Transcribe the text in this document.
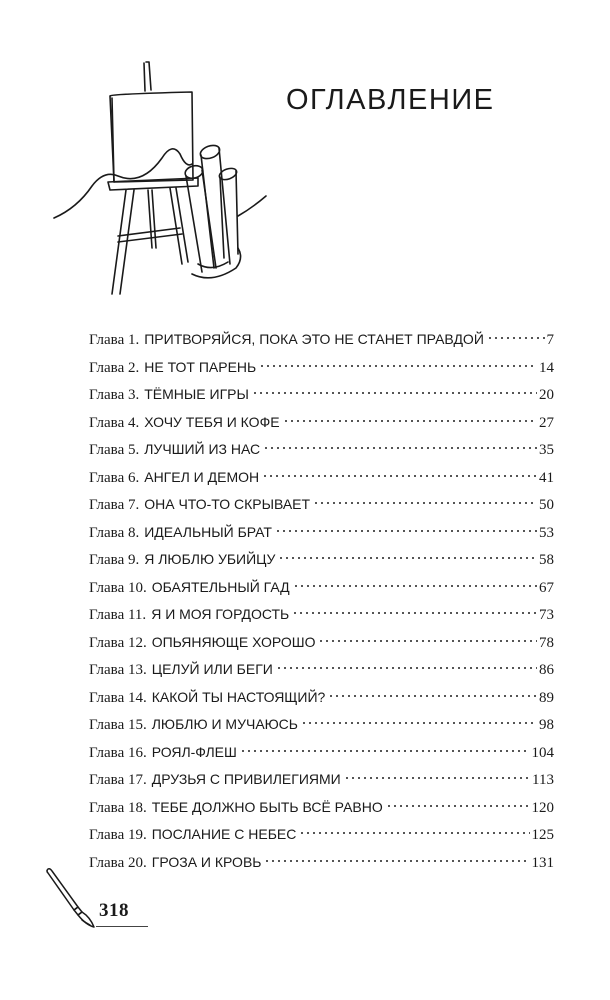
ОГЛАВЛЕНИЕ
Глава 1. ПРИТВОРЯЙСЯ, ПОКА ЭТО НЕ СТАНЕТ ПРАВДОЙ	7
Глава 2. НЕ ТОТ ПАРЕНЬ	14
Глава 3. ТЁМНЫЕ ИГРЫ	20
Глава 4. ХОЧУ ТЕБЯ И КОФЕ	27
Глава 5. ЛУЧШИЙ ИЗ НАС	35
Глава 6. АНГЕЛ И ДЕМОН	41
Глава 7. ОНА ЧТО-ТО СКРЫВАЕТ	50
Глава 8. ИДЕАЛЬНЫЙ БРАТ	53
Глава 9. Я ЛЮБЛЮ УБИЙЦУ	58
Глава 10. ОБАЯТЕЛЬНЫЙ ГАД	67
Глава 11. Я И МОЯ ГОРДОСТЬ	73
Глава 12. ОПЬЯНЯЮЩЕ ХОРОШО	78
Глава 13. ЦЕЛУЙ ИЛИ БЕГИ	86
Глава 14. КАКОЙ ТЫ НАСТОЯЩИЙ?	89
Глава 15. ЛЮБЛЮ И МУЧАЮСЬ	98
Глава 16. РОЯЛ-ФЛЕШ	104
Глава 17. ДРУЗЬЯ С ПРИВИЛЕГИЯМИ	113
Глава 18. ТЕБЕ ДОЛЖНО БЫТЬ ВСЁ РАВНО	120
Глава 19. ПОСЛАНИЕ С НЕБЕС	125
Глава 20. ГРОЗА И КРОВЬ	131
318
